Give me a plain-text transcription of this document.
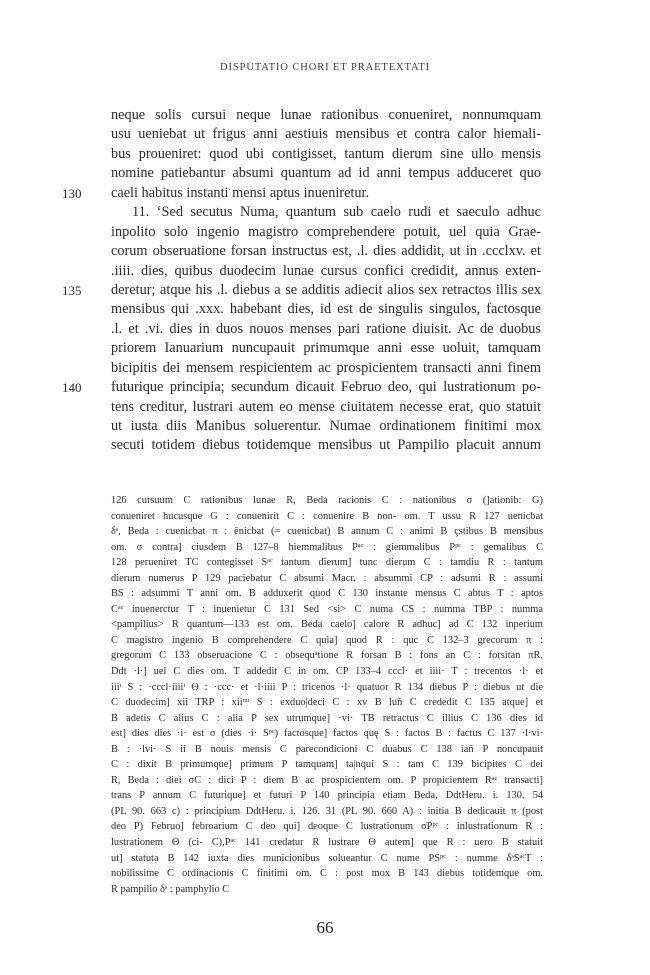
DISPUTATIO CHORI ET PRAETEXTATI
neque solis cursui neque lunae rationibus conueniret, nonnumquam
usu ueniebat ut frigus anni aestiuis mensibus et contra calor hiemali-
bus proueniret: quod ubi contigisset, tantum dierum sine ullo mensis
nomine patiebantur absumi quantum ad id anni tempus adduceret quo
130	caeli habitus instanti mensi aptus inueniretur.
11. ‘Sed secutus Numa, quantum sub caelo rudi et saeculo adhuc
inpolito solo ingenio magistro comprehendere potuit, uel quia Grae-
corum obseruatione forsan instructus est, .l. dies addidit, ut in .ccclxv. et
.iiii. dies, quibus duodecim lunae cursus confici credidit, annus exten-
135	deretur; atque his .l. diebus a se additis adiecit alios sex retractos illis sex
mensibus qui .xxx. habebant dies, id est de singulis singulos, factosque
.l. et .vi. dies in duos nouos menses pari ratione diuisit. Ac de duobus
priorem Ianuarium nuncupauit primumque anni esse uoluit, tamquam
bicipitis dei mensem respicientem ac prospicientem transacti anni finem
140	futurique principia; secundum dicauit Februo deo, qui lustrationum po-
tens creditur, lustrari autem eo mense ciuitatem necesse erat, quo statuit
ut iusta diis Manibus soluerentur. Numae ordinationem finitimi mox
secuti totidem diebus totidemque mensibus ut Pampilio placuit annum
126 cursuum C rationibus lunae R, Beda racionis C : nationibus σ (]ationib: G)
conueniret hucusque G : conuenirit C : conuenire B non- om. T ussu R 127 uenicbat
δˢ, Beda : cuenicbat π : ēnicbat (= cuenicbat) B annum C : animi B çstibus B mensibus
om. σ contra] ciusdem B 127–8 hiemmalibus Pᵃᶜ : giemmalibus Pᵖᶜ : gemalibus C
128 perueniret TC contegisset Sᵃᶜ tantum dierum] tunc dierum C : tamdiu R : tantum
dierum numerus P 129 paciebatur C absumi Macr. : absummi CP : adsumi R : assumi
BS : adsummi T anni om. B adduxerit quod C 130 instante mensus C abtus T : aptos
Cᵃᶜ inuenerctur T : inuenietur C 131 Sed <si> C numa CS : numma TBP : numma
<pampilius> R quantum—133 est om. Beda caelo] calore R adhuc] ad C 132 inperium
C magistro ingenio B comprehendere C quia] quod R : quc C 132–3 grecorum π :
gregorum C 133 obseruacione C : obsequᵃtione R forsan B : fons an C : forsitan πR,
Ddt ·l·] uel C dies om. T addedit C in om. CP 133–4 cccl· et iiii· T : trecentos ·l· et
iiiᶦ S : ·cccl·iiiiᶦ Θ : ·ccc· et ·l·iiii P : tricenos ·l· quatuor R 134 diebus P : diebus ut die
C duodecim] xii TRP : xiiᵐᶦ S : exduo|deci C : xv B luñ C crededit C 135 atque] et
B adetis C alius C : alia P sex utrumque] ·vi· TB retractus C illius C 136 dies id
est] dies dies ·i· est σ (dies ·i· Sᵖᶜ) factosque] factos quę S : factos B : factus C 137 ·l·vi·
B : ·lvi· S ii B nouis mensis C parecondicioni C duabus C 138 iañ P noncupauit
C : dixit B primumque] primum P tamquam] ta|nqui S : tam C 139 bicipites C dei
R, Beda : diei σC : dici P : diem B ac prospicientem om. P propicientem Rᵃᶜ transacti]
trans P annum C futurique] et futuri P 140 principia etiam Beda, DdtHeru. i. 130. 54
(PL 90. 663 c) : principium DdtHeru. i. 126. 31 (PL 90. 660 A) : initia B dedicauit π (post
deo P) Februo] febroarium C deo qui] deoque C lustrationum σPᵖᶜ : inlustrationum R :
lustrationem Θ (ci- C),Pᵃᶜ 141 credatur R lustrare Θ autem] que R : uero B statuit
ut] statuta B 142 iuxta dies municionibus solueantur C nume PSᵖᶜ : numme δˢSᵃᶜT :
nobilissime C ordinacionis C finitimi om. C : post mox B 143 diebus totidemque om.
R pampilio δˢ : pamphylio C
66
